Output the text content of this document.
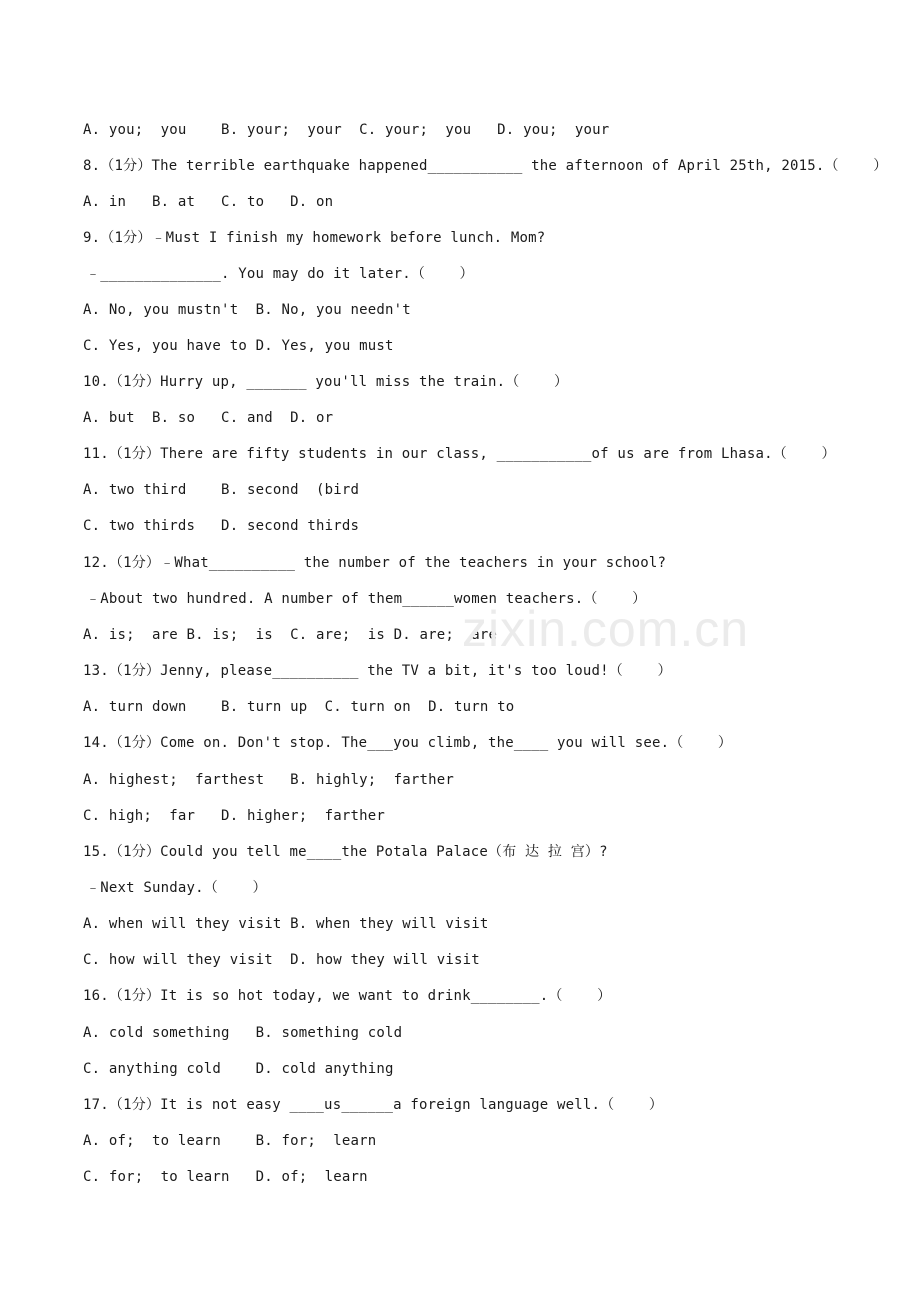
A. you;  you    B. your;  your  C. your;  you   D. you;  your
8.（1分）The terrible earthquake happened___________ the afternoon of April 25th, 2015.（    ）
A. in   B. at   C. to   D. on
9.（1分）﹣Must I finish my homework before lunch. Mom?
﹣______________. You may do it later.（    ）
A. No, you mustn't  B. No, you needn't
C. Yes, you have to D. Yes, you must
10.（1分）Hurry up, _______ you'll miss the train.（    ）
A. but  B. so   C. and  D. or
11.（1分）There are fifty students in our class, ___________of us are from Lhasa.（    ）
A. two third    B. second  (bird
C. two thirds   D. second thirds
12.（1分）﹣What__________ the number of the teachers in your school?
﹣About two hundred. A number of them______women teachers.（    ）
A. is;  are B. is;  is  C. are;  is D. are;  are
13.（1分）Jenny, please__________ the TV a bit, it's too loud!（    ）
A. turn down    B. turn up  C. turn on  D. turn to
14.（1分）Come on. Don't stop. The___you climb, the____ you will see.（    ）
A. highest;  farthest   B. highly;  farther
C. high;  far   D. higher;  farther
15.（1分）Could you tell me____the Potala Palace（布 达 拉 宫）?
﹣Next Sunday.（    ）
A. when will they visit B. when they will visit
C. how will they visit  D. how they will visit
16.（1分）It is so hot today, we want to drink________.（    ）
A. cold something   B. something cold
C. anything cold    D. cold anything
17.（1分）It is not easy ____us______a foreign language well.（    ）
A. of;  to learn    B. for;  learn
C. for;  to learn   D. of;  learn
zixin.com.cn
